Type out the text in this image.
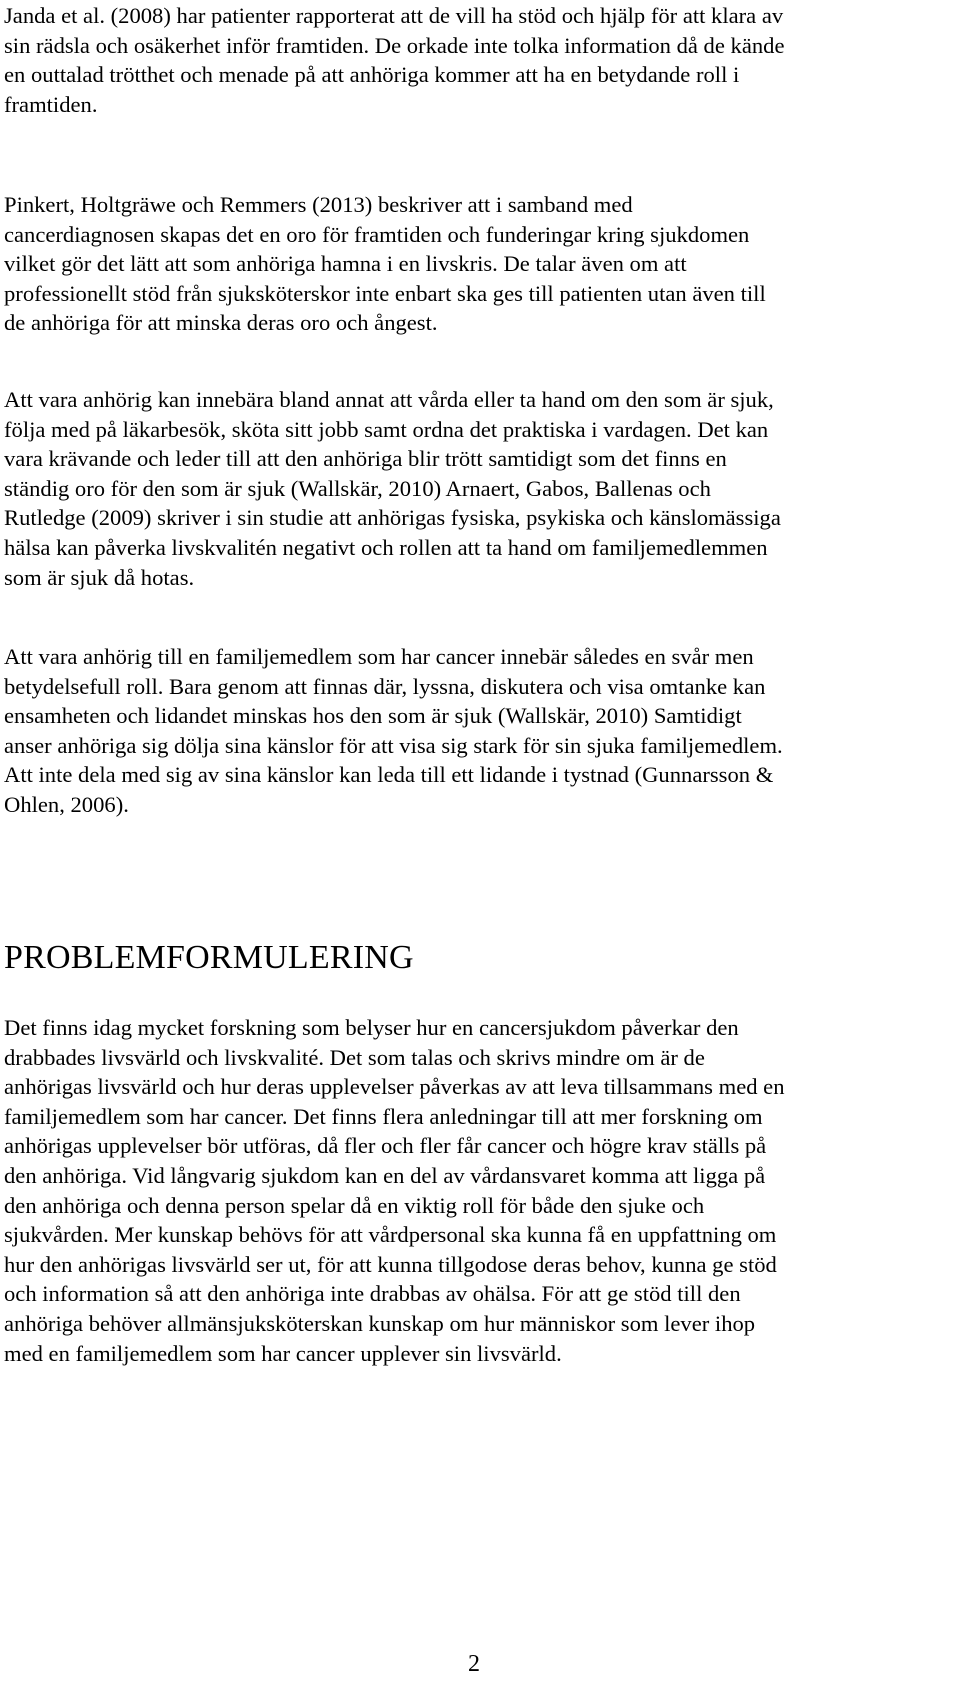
Janda et al. (2008) har patienter rapporterat att de vill ha stöd och hjälp för att klara av
sin rädsla och osäkerhet inför framtiden. De orkade inte tolka information då de kände
en outtalad trötthet och menade på att anhöriga kommer att ha en betydande roll i
framtiden.
Pinkert, Holtgräwe och Remmers (2013) beskriver att i samband med
cancerdiagnosen skapas det en oro för framtiden och funderingar kring sjukdomen
vilket gör det lätt att som anhöriga hamna i en livskris. De talar även om att
professionellt stöd från sjuksköterskor inte enbart ska ges till patienten utan även till
de anhöriga för att minska deras oro och ångest.
Att vara anhörig kan innebära bland annat att vårda eller ta hand om den som är sjuk,
följa med på läkarbesök, sköta sitt jobb samt ordna det praktiska i vardagen. Det kan
vara krävande och leder till att den anhöriga blir trött samtidigt som det finns en
ständig oro för den som är sjuk (Wallskär, 2010) Arnaert, Gabos, Ballenas och
Rutledge (2009) skriver i sin studie att anhörigas fysiska, psykiska och känslomässiga
hälsa kan påverka livskvalitén negativt och rollen att ta hand om familjemedlemmen
som är sjuk då hotas.
Att vara anhörig till en familjemedlem som har cancer innebär således en svår men
betydelsefull roll. Bara genom att finnas där, lyssna, diskutera och visa omtanke kan
ensamheten och lidandet minskas hos den som är sjuk (Wallskär, 2010) Samtidigt
anser anhöriga sig dölja sina känslor för att visa sig stark för sin sjuka familjemedlem.
Att inte dela med sig av sina känslor kan leda till ett lidande i tystnad (Gunnarsson &
Ohlen, 2006).
PROBLEMFORMULERING
Det finns idag mycket forskning som belyser hur en cancersjukdom påverkar den
drabbades livsvärld och livskvalité. Det som talas och skrivs mindre om är de
anhörigas livsvärld och hur deras upplevelser påverkas av att leva tillsammans med en
familjemedlem som har cancer. Det finns flera anledningar till att mer forskning om
anhörigas upplevelser bör utföras, då fler och fler får cancer och högre krav ställs på
den anhöriga. Vid långvarig sjukdom kan en del av vårdansvaret komma att ligga på
den anhöriga och denna person spelar då en viktig roll för både den sjuke och
sjukvården. Mer kunskap behövs för att vårdpersonal ska kunna få en uppfattning om
hur den anhörigas livsvärld ser ut, för att kunna tillgodose deras behov, kunna ge stöd
och information så att den anhöriga inte drabbas av ohälsa. För att ge stöd till den
anhöriga behöver allmänsjuksköterskan kunskap om hur människor som lever ihop
med en familjemedlem som har cancer upplever sin livsvärld.
2
